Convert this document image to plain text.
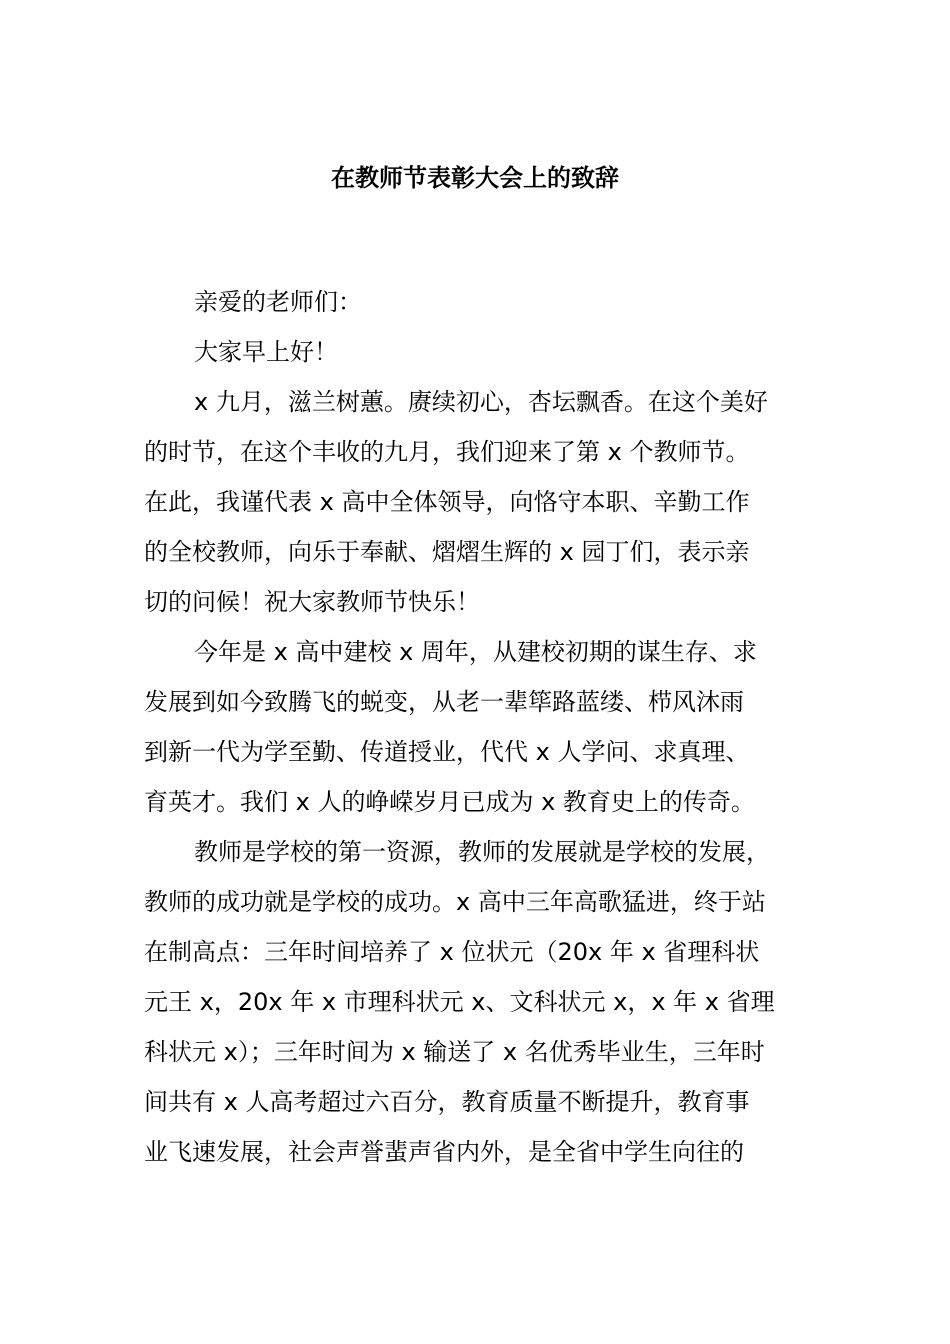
在教师节表彰大会上的致辞
亲爱的老师们：
大家早上好！
x 九月，滋兰树蕙。赓续初心，杏坛飘香。在这个美好
的时节，在这个丰收的九月，我们迎来了第 x 个教师节。
在此，我谨代表 x 高中全体领导，向恪守本职、辛勤工作
的全校教师，向乐于奉献、熠熠生辉的 x 园丁们，表示亲
切的问候！祝大家教师节快乐！
今年是 x 高中建校 x 周年，从建校初期的谋生存、求
发展到如今致腾飞的蜕变，从老一辈筚路蓝缕、栉风沐雨
到新一代为学至勤、传道授业，代代 x 人学问、求真理、
育英才。我们 x 人的峥嵘岁月已成为 x 教育史上的传奇。
教师是学校的第一资源，教师的发展就是学校的发展，
教师的成功就是学校的成功。x 高中三年高歌猛进，终于站
在制高点：三年时间培养了 x 位状元（20x 年 x 省理科状
元王 x，20x 年 x 市理科状元 x、文科状元 x，x 年 x 省理
科状元 x）；三年时间为 x 输送了 x 名优秀毕业生，三年时
间共有 x 人高考超过六百分，教育质量不断提升，教育事
业飞速发展，社会声誉蜚声省内外，是全省中学生向往的
